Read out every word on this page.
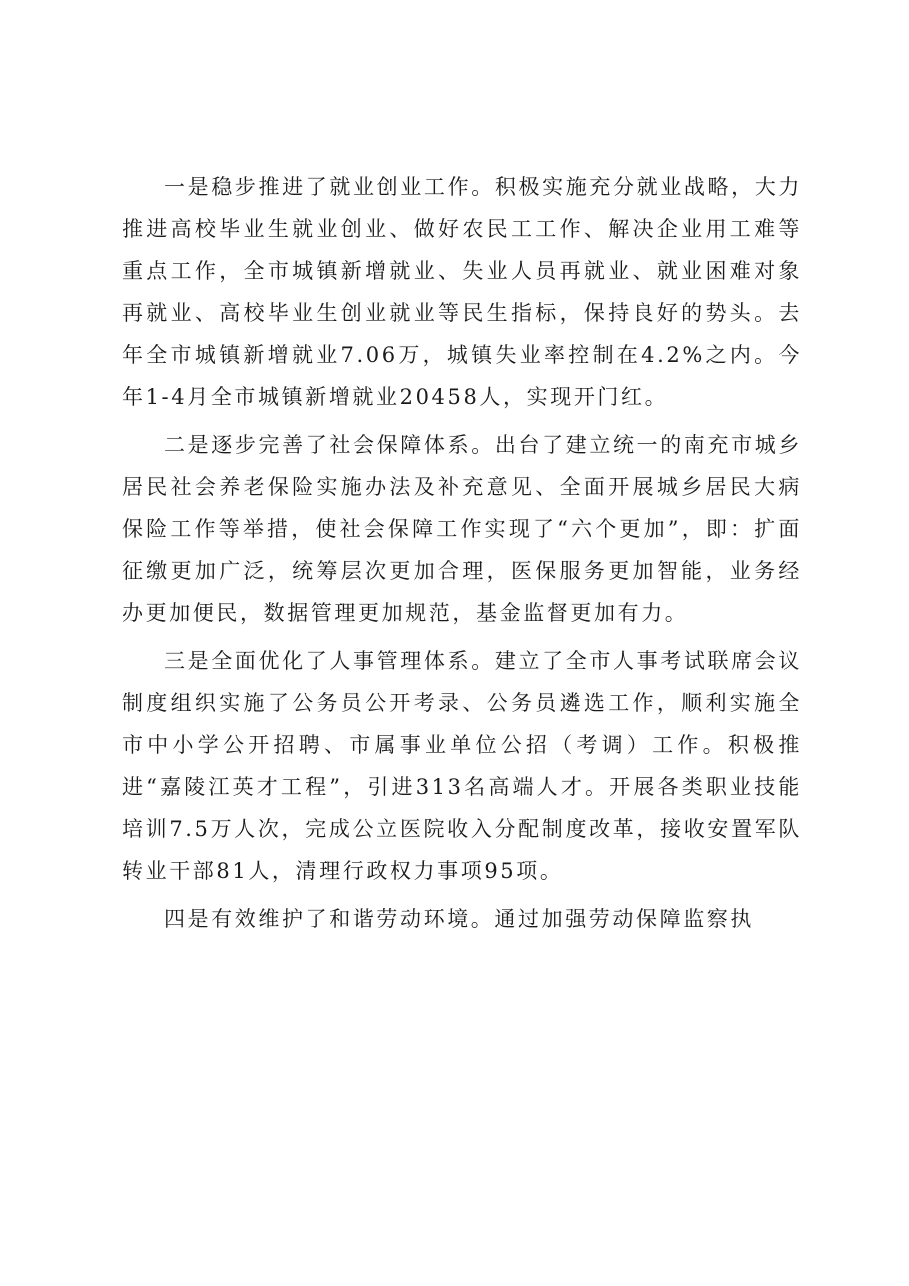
一是稳步推进了就业创业工作。积极实施充分就业战略，大力推进高校毕业生就业创业、做好农民工工作、解决企业用工难等重点工作，全市城镇新增就业、失业人员再就业、就业困难对象再就业、高校毕业生创业就业等民生指标，保持良好的势头。去年全市城镇新增就业7.06万，城镇失业率控制在4.2%之内。今年1-4月全市城镇新增就业20458人，实现开门红。

二是逐步完善了社会保障体系。出台了建立统一的南充市城乡居民社会养老保险实施办法及补充意见、全面开展城乡居民大病保险工作等举措，使社会保障工作实现了“六个更加”，即：扩面征缴更加广泛，统筹层次更加合理，医保服务更加智能，业务经办更加便民，数据管理更加规范，基金监督更加有力。

三是全面优化了人事管理体系。建立了全市人事考试联席会议制度组织实施了公务员公开考录、公务员遴选工作，顺利实施全市中小学公开招聘、市属事业单位公招（考调）工作。积极推进“嘉陵江英才工程”，引进313名高端人才。开展各类职业技能培训7.5万人次，完成公立医院收入分配制度改革，接收安置军队转业干部81人，清理行政权力事项95项。

四是有效维护了和谐劳动环境。通过加强劳动保障监察执
